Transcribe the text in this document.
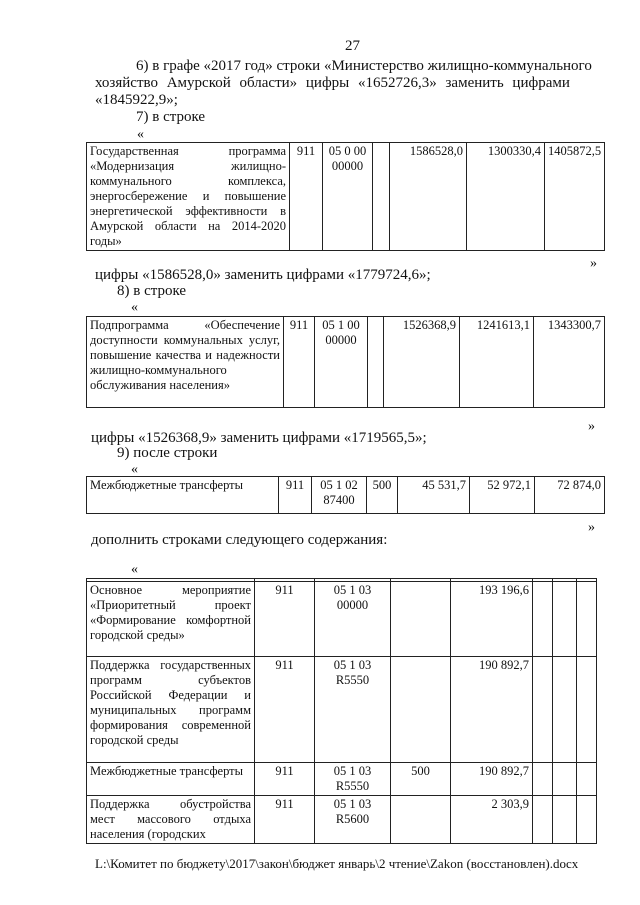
27
6) в графе «2017 год» строки «Министерство жилищно-коммунального
хозяйство Амурской области» цифры «1652726,3» заменить цифрами
«1845922,9»;
7) в строке
«
Государственная программа «Модернизация жилищно-коммунального комплекса, энергосбережение и повышение энергетической эффективности в Амурской области на 2014-2020 годы»	911	05 0 00 00000		1586528,0	1300330,4	1405872,5
»
цифры «1586528,0» заменить цифрами «1779724,6»;
8) в строке
«
Подпрограмма «Обеспечение доступности коммунальных услуг, повышение качества и надежности жилищно-коммунального обслуживания населения»	911	05 1 00 00000		1526368,9	1241613,1	1343300,7
»
цифры «1526368,9» заменить цифрами «1719565,5»;
9) после строки
«
Межбюджетные трансферты	911	05 1 02 87400	500	45 531,7	52 972,1	72 874,0
»
дополнить строками следующего содержания:
«

Основное мероприятие «Приоритетный проект «Формирование комфортной городской среды»	911	05 1 03 00000		193 196,6			
Поддержка государственных программ субъектов Российской Федерации и муниципальных программ формирования современной городской среды	911	05 1 03 R5550		190 892,7			
Межбюджетные трансферты	911	05 1 03 R5550	500	190 892,7			
Поддержка обустройства мест массового отдыха населения (городских	911	05 1 03 R5600		2 303,9			
L:\Комитет по бюджету\2017\закон\бюджет январь\2 чтение\Zakon (восстановлен).docx
